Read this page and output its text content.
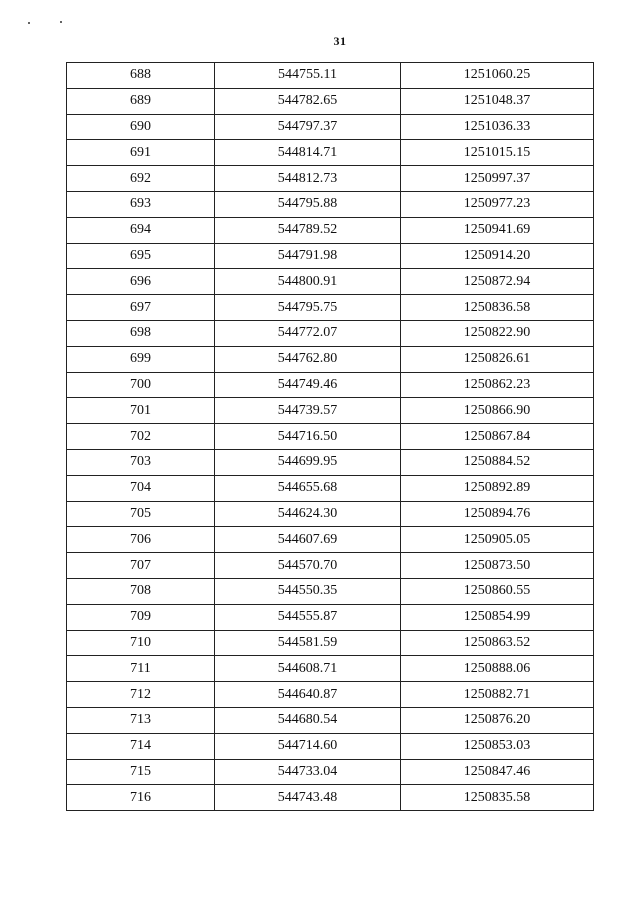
31
688	544755.11	1251060.25
689	544782.65	1251048.37
690	544797.37	1251036.33
691	544814.71	1251015.15
692	544812.73	1250997.37
693	544795.88	1250977.23
694	544789.52	1250941.69
695	544791.98	1250914.20
696	544800.91	1250872.94
697	544795.75	1250836.58
698	544772.07	1250822.90
699	544762.80	1250826.61
700	544749.46	1250862.23
701	544739.57	1250866.90
702	544716.50	1250867.84
703	544699.95	1250884.52
704	544655.68	1250892.89
705	544624.30	1250894.76
706	544607.69	1250905.05
707	544570.70	1250873.50
708	544550.35	1250860.55
709	544555.87	1250854.99
710	544581.59	1250863.52
711	544608.71	1250888.06
712	544640.87	1250882.71
713	544680.54	1250876.20
714	544714.60	1250853.03
715	544733.04	1250847.46
716	544743.48	1250835.58
